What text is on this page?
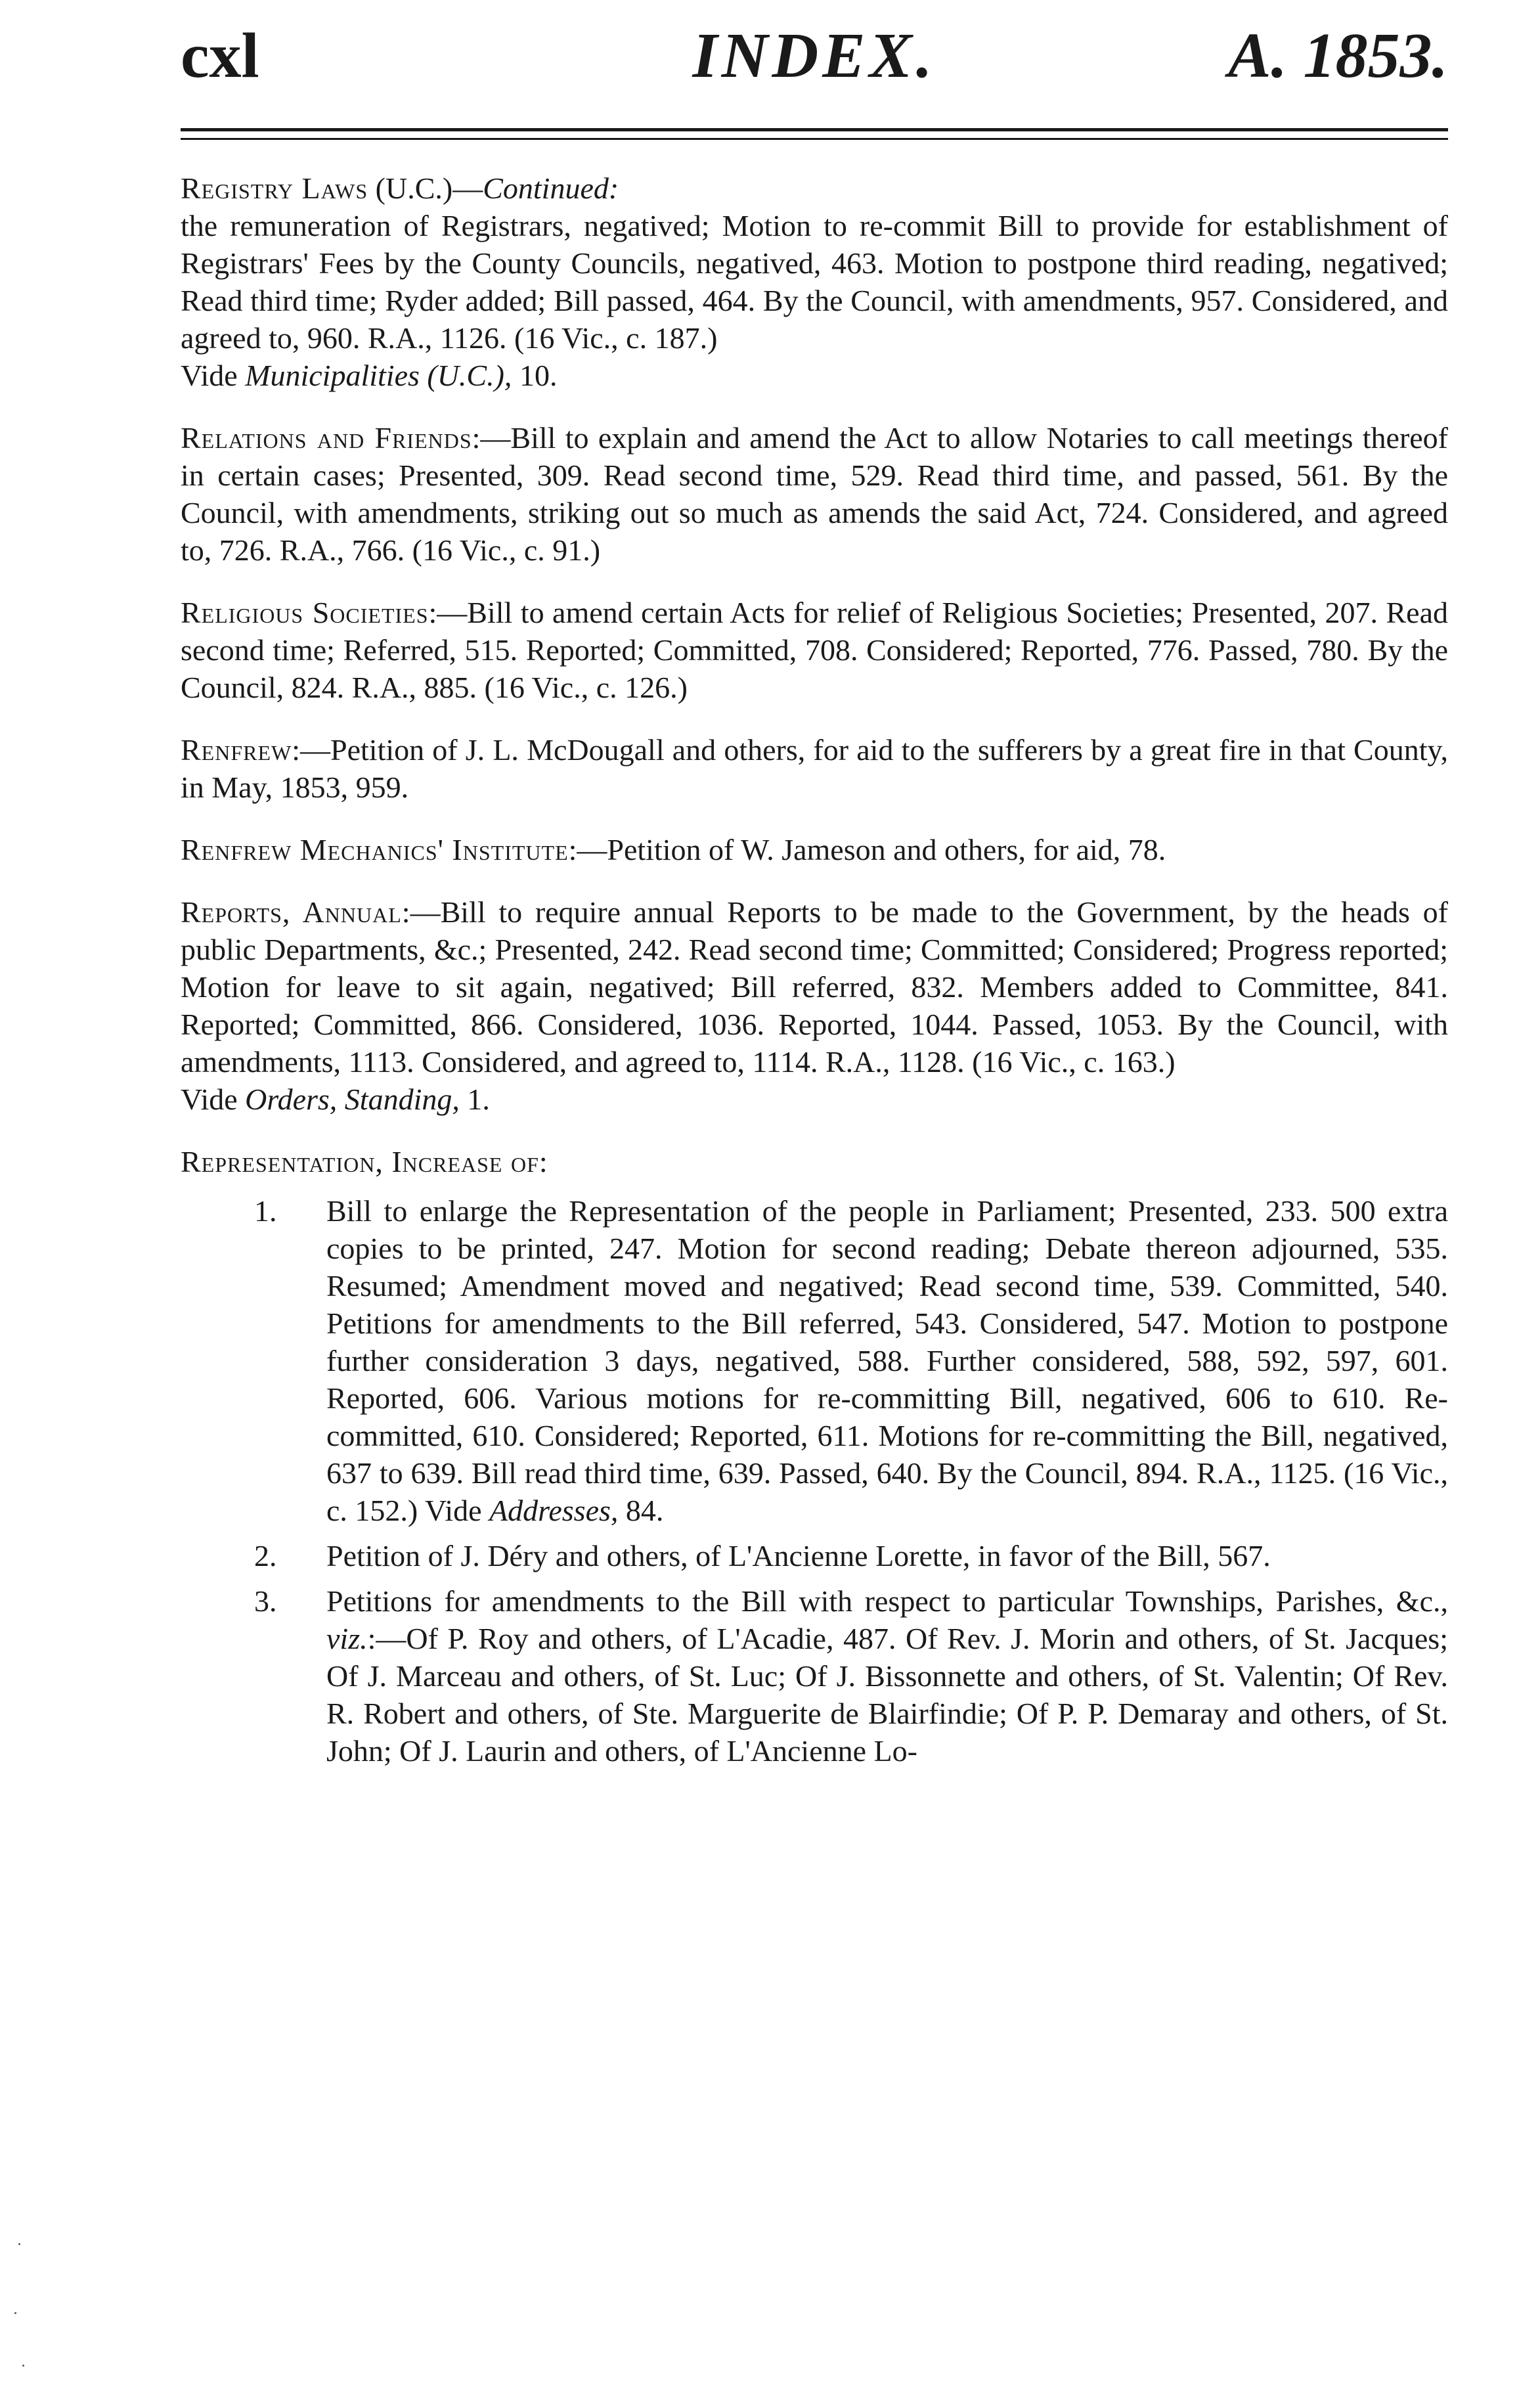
cxl	INDEX.	A. 1853.

Registry Laws (U.C.)—Continued:

the remuneration of Registrars, negatived; Motion to re-commit Bill to provide for establishment of Registrars' Fees by the County Councils, negatived, 463. Motion to postpone third reading, negatived; Read third time; Ryder added; Bill passed, 464. By the Council, with amendments, 957. Considered, and agreed to, 960. R.A., 1126. (16 Vic., c. 187.)

Vide Municipalities (U.C.), 10.

Relations and Friends:—Bill to explain and amend the Act to allow Notaries to call meetings thereof in certain cases; Presented, 309. Read second time, 529. Read third time, and passed, 561. By the Council, with amendments, striking out so much as amends the said Act, 724. Considered, and agreed to, 726. R.A., 766. (16 Vic., c. 91.)

Religious Societies:—Bill to amend certain Acts for relief of Religious Societies; Presented, 207. Read second time; Referred, 515. Reported; Committed, 708. Considered; Reported, 776. Passed, 780. By the Council, 824. R.A., 885. (16 Vic., c. 126.)

Renfrew:—Petition of J. L. McDougall and others, for aid to the sufferers by a great fire in that County, in May, 1853, 959.

Renfrew Mechanics' Institute:—Petition of W. Jameson and others, for aid, 78.

Reports, Annual:—Bill to require annual Reports to be made to the Government, by the heads of public Departments, &c.; Presented, 242. Read second time; Committed; Considered; Progress reported; Motion for leave to sit again, negatived; Bill referred, 832. Members added to Committee, 841. Reported; Committed, 866. Considered, 1036. Reported, 1044. Passed, 1053. By the Council, with amendments, 1113. Considered, and agreed to, 1114. R.A., 1128. (16 Vic., c. 163.)

Vide Orders, Standing, 1.

Representation, Increase of:

1. Bill to enlarge the Representation of the people in Parliament; Presented, 233. 500 extra copies to be printed, 247. Motion for second reading; Debate thereon adjourned, 535. Resumed; Amendment moved and negatived; Read second time, 539. Committed, 540. Petitions for amendments to the Bill referred, 543. Considered, 547. Motion to postpone further consideration 3 days, negatived, 588. Further considered, 588, 592, 597, 601. Reported, 606. Various motions for re-committing Bill, negatived, 606 to 610. Re-committed, 610. Considered; Reported, 611. Motions for re-committing the Bill, negatived, 637 to 639. Bill read third time, 639. Passed, 640. By the Council, 894. R.A., 1125. (16 Vic., c. 152.) Vide Addresses, 84.
2. Petition of J. Déry and others, of L'Ancienne Lorette, in favor of the Bill, 567.
3. Petitions for amendments to the Bill with respect to particular Townships, Parishes, &c., viz.:—Of P. Roy and others, of L'Acadie, 487. Of Rev. J. Morin and others, of St. Jacques; Of J. Marceau and others, of St. Luc; Of J. Bissonnette and others, of St. Valentin; Of Rev. R. Robert and others, of Ste. Marguerite de Blairfindie; Of P. P. Demaray and others, of St. John; Of J. Laurin and others, of L'Ancienne Lo-
